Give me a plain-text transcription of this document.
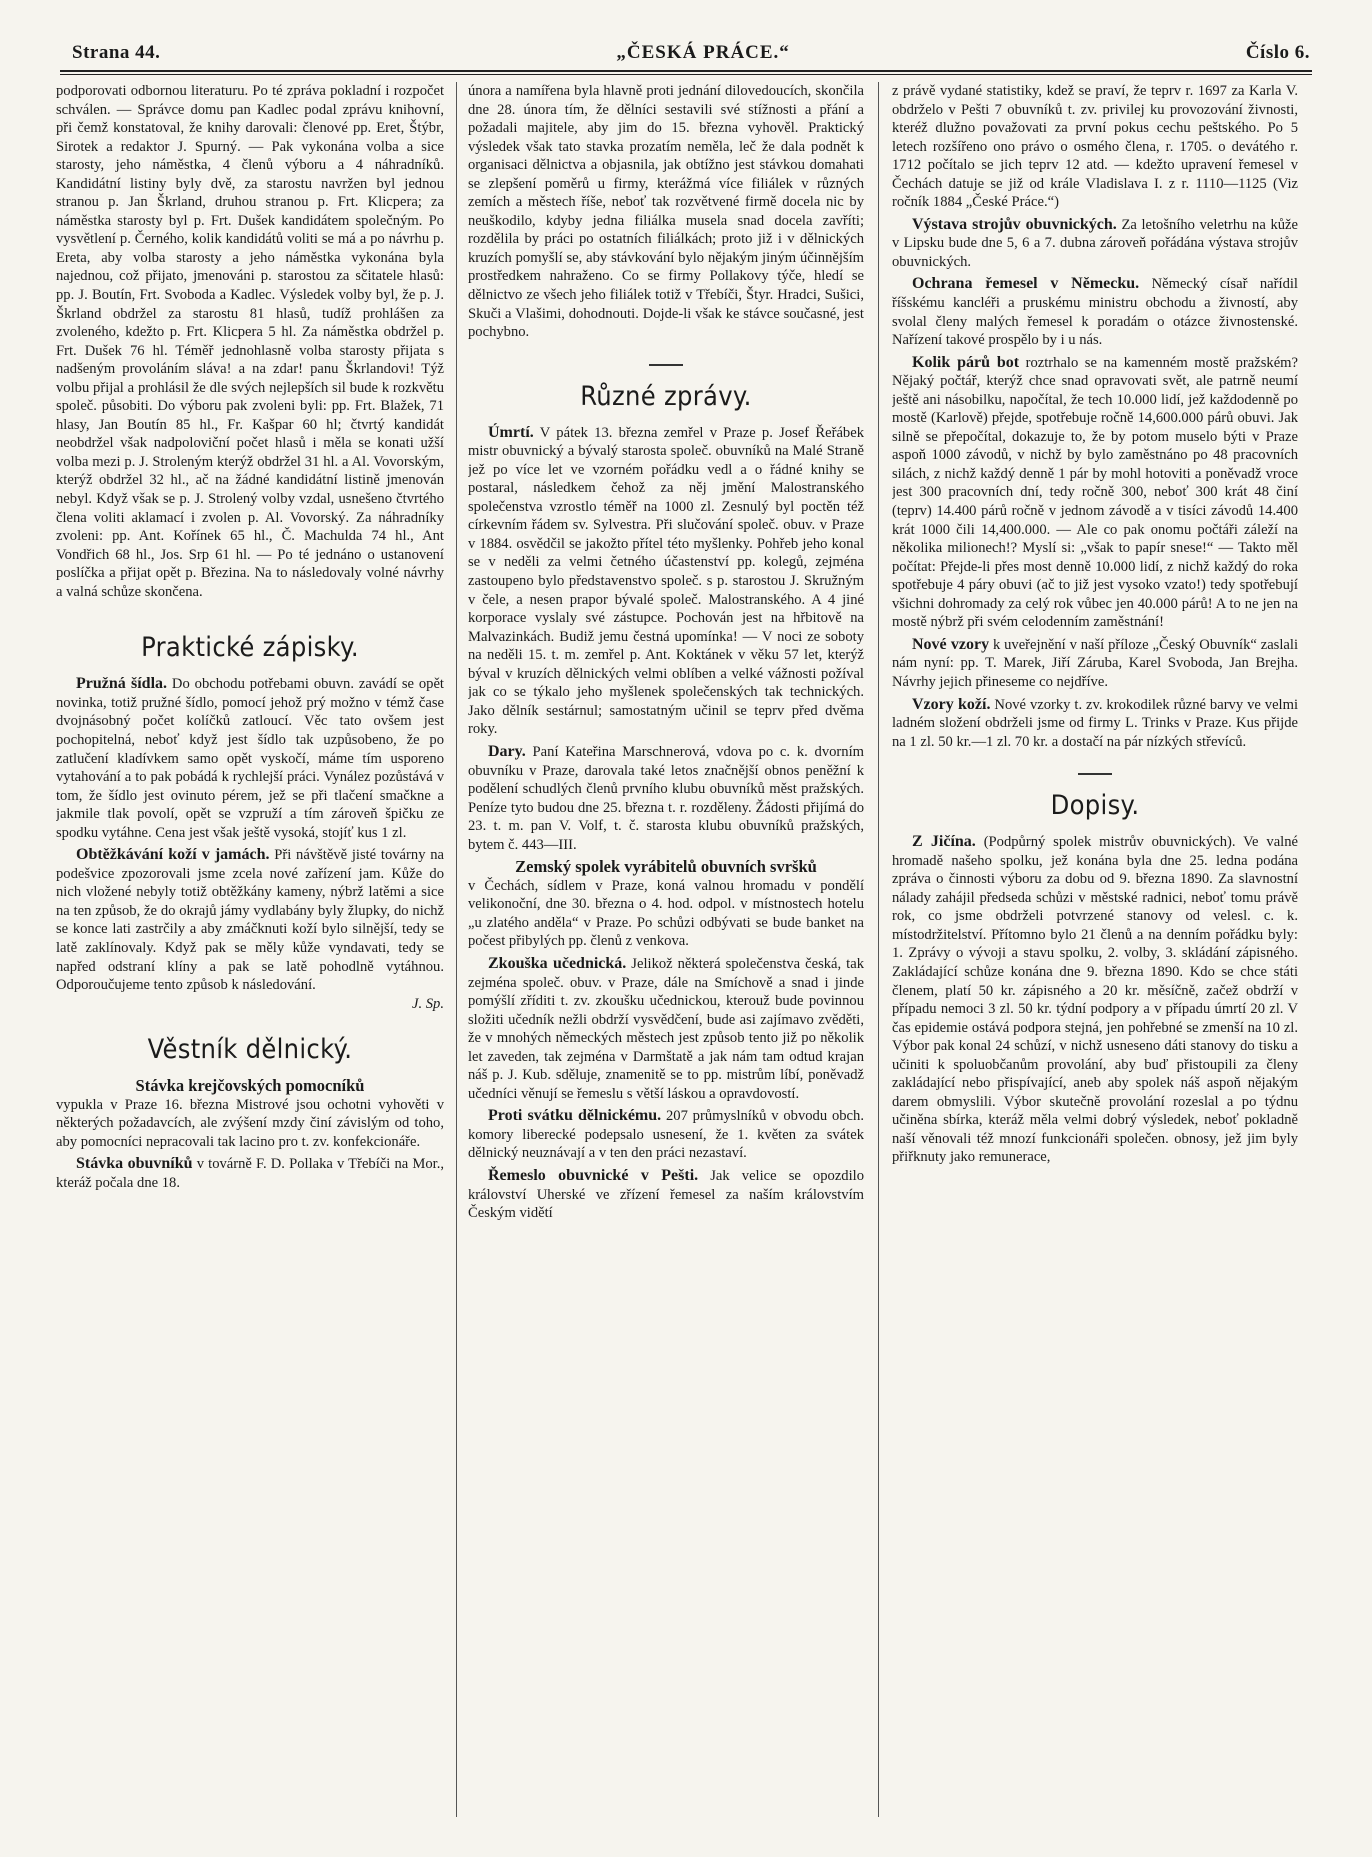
Strana 44.	„ČESKÁ PRÁCE.“	Číslo 6.

podporovati odbornou literaturu. Po té zpráva pokladní i rozpočet schválen. — Správce domu pan Kadlec podal zprávu knihovní, při čemž konstatoval, že knihy darovali: členové pp. Eret, Štýbr, Sirotek a redaktor J. Spurný. — Pak vykonána volba a sice starosty, jeho náměstka, 4 členů výboru a 4 náhradníků. Kandidátní listiny byly dvě, za starostu navržen byl jednou stranou p. Jan Škrland, druhou stranou p. Frt. Klicpera; za náměstka starosty byl p. Frt. Dušek kandidátem společným. Po vysvětlení p. Černého, kolik kandidátů voliti se má a po návrhu p. Ereta, aby volba starosty a jeho náměstka vykonána byla najednou, což přijato, jmenováni p. starostou za sčitatele hlasů: pp. J. Boutín, Frt. Svoboda a Kadlec. Výsledek volby byl, že p. J. Škrland obdržel za starostu 81 hlasů, tudíž prohlášen za zvoleného, kdežto p. Frt. Klicpera 5 hl. Za náměstka obdržel p. Frt. Dušek 76 hl. Téměř jednohlasně volba starosty přijata s nadšeným provoláním sláva! a na zdar! panu Škrlandovi! Týž volbu přijal a prohlásil že dle svých nejlepších sil bude k rozkvětu společ. působiti. Do výboru pak zvoleni byli: pp. Frt. Blažek, 71 hlasy, Jan Boutín 85 hl., Fr. Kašpar 60 hl; čtvrtý kandidát neobdržel však nadpoloviční počet hlasů i měla se konati užší volba mezi p. J. Stroleným kterýž obdržel 31 hl. a Al. Vovorským, kterýž obdržel 32 hl., ač na žádné kandidátní listině jmenován nebyl. Když však se p. J. Strolený volby vzdal, usnešeno čtvrtého člena voliti aklamací i zvolen p. Al. Vovorský. Za náhradníky zvoleni: pp. Ant. Kořínek 65 hl., Č. Machulda 74 hl., Ant Vondřich 68 hl., Jos. Srp 61 hl. — Po té jednáno o ustanovení poslíčka a přijat opět p. Březina. Na to následovaly volné návrhy a valná schůze skončena.

Praktické zápisky.

Pružná šídla. Do obchodu potřebami obuvn. zavádí se opět novinka, totiž pružné šídlo, pomocí jehož prý možno v témž čase dvojnásobný počet kolíčků zatloucí. Věc tato ovšem jest pochopitelná, neboť když jest šídlo tak uzpůsobeno, že po zatlučení kladívkem samo opět vyskočí, máme tím usporeno vytahování a to pak pobádá k rychlejší práci. Vynález pozůstává v tom, že šídlo jest ovinuto pérem, jež se při tlačení smačkne a jakmile tlak povolí, opět se vzpruží a tím zároveň špičku ze spodku vytáhne. Cena jest však ještě vysoká, stojíť kus 1 zl.

Obtěžkávání koží v jamách. Při návštěvě jisté továrny na podešvice zpozorovali jsme zcela nové zařízení jam. Kůže do nich vložené nebyly totiž obtěžkány kameny, nýbrž latěmi a sice na ten způsob, že do okrajů jámy vydlabány byly žlupky, do nichž se konce lati zastrčily a aby zmáčknuti koží bylo silnější, tedy se latě zaklínovaly. Když pak se měly kůže vyndavati, tedy se napřed odstraní klíny a pak se latě pohodlně vytáhnou. Odporoučujeme tento způsob k následování.

J. Sp.
Věstník dělnický.
Stávka krejčovských pomocníků

vypukla v Praze 16. března Mistrové jsou ochotni vyhověti v některých požadavcích, ale zvýšení mzdy činí závislým od toho, aby pomocníci nepracovali tak lacino pro t. zv. konfekcionáře.

Stávka obuvníků v továrně F. D. Pollaka v Třebíči na Mor., kteráž počala dne 18.

února a namířena byla hlavně proti jednání dilovedoucích, skončila dne 28. února tím, že dělníci sestavili své stížnosti a přání a požadali majitele, aby jim do 15. března vyhověl. Praktický výsledek však tato stavka prozatím neměla, leč že dala podnět k organisaci dělnictva a objasnila, jak obtížno jest stávkou domahati se zlepšení poměrů u firmy, kterážmá více filiálek v různých zemích a městech říše, neboť tak rozvětvené firmě docela nic by neuškodilo, kdyby jedna filiálka musela snad docela zavříti; rozdělila by práci po ostatních filiálkách; proto již i v dělnických kruzích pomyšlí se, aby stávkování bylo nějakým jiným účinnějším prostředkem nahraženo. Co se firmy Pollakovy týče, hledí se dělnictvo ze všech jeho filiálek totiž v Třebíči, Štyr. Hradci, Sušici, Skuči a Vlašimi, dohodnouti. Dojde-li však ke stávce současné, jest pochybno.

Různé zprávy.

Úmrtí. V pátek 13. března zemřel v Praze p. Josef Řeřábek mistr obuvnický a bývalý starosta společ. obuvníků na Malé Straně jež po více let ve vzorném pořádku vedl a o řádné knihy se postaral, následkem čehož za něj jmění Malostranského společenstva vzrostlo téměř na 1000 zl. Zesnulý byl poctěn též církevním řádem sv. Sylvestra. Při slučování společ. obuv. v Praze v 1884. osvědčil se jakožto přítel této myšlenky. Pohřeb jeho konal se v neděli za velmi četného účastenství pp. kolegů, zejména zastoupeno bylo představenstvo společ. s p. starostou J. Skružným v čele, a nesen prapor bývalé společ. Malostranského. A 4 jiné korporace vyslaly své zástupce. Pochován jest na hřbitově na Malvazinkách. Budiž jemu čestná upomínka! — V noci ze soboty na neděli 15. t. m. zemřel p. Ant. Koktánek v věku 57 let, kterýž býval v kruzích dělnických velmi oblíben a velké vážnosti požíval jak co se týkalo jeho myšlenek společenských tak technických. Jako dělník sestárnul; samostatným učinil se teprv před dvěma roky.

Dary. Paní Kateřina Marschnerová, vdova po c. k. dvorním obuvníku v Praze, darovala také letos značnější obnos peněžní k podělení schudlých členů prvního klubu obuvníků měst pražských. Peníze tyto budou dne 25. března t. r. rozděleny. Žádosti přijímá do 23. t. m. pan V. Volf, t. č. starosta klubu obuvníků pražských, bytem č. 443—III.

Zemský spolek vyrábitelů obuvních svršků

v Čechách, sídlem v Praze, koná valnou hromadu v pondělí velikonoční, dne 30. března o 4. hod. odpol. v místnostech hotelu „u zlatého anděla“ v Praze. Po schůzi odbývati se bude banket na počest přibylých pp. členů z venkova.

Zkouška učednická. Jelikož některá společenstva česká, tak zejména společ. obuv. v Praze, dále na Smíchově a snad i jinde pomýšlí zříditi t. zv. zkoušku učednickou, kterouž bude povinnou složiti učedník nežli obdrží vysvědčení, bude asi zajímavo zvěděti, že v mnohých německých městech jest způsob tento již po několik let zaveden, tak zejména v Darmštatě a jak nám tam odtud krajan náš p. J. Kub. sděluje, znamenitě se to pp. mistrům líbí, poněvadž učedníci věnují se řemeslu s větší láskou a opravdovostí.

Proti svátku dělnickému. 207 průmyslníků v obvodu obch. komory liberecké podepsalo usnesení, že 1. květen za svátek dělnický neuznávají a v ten den práci nezastaví.

Řemeslo obuvnické v Pešti. Jak velice se opozdilo království Uherské ve zřízení řemesel za naším královstvím Českým vidětí

z právě vydané statistiky, kdež se praví, že teprv r. 1697 za Karla V. obdrželo v Pešti 7 obuvníků t. zv. privilej ku provozování živnosti, kteréž dlužno považovati za první pokus cechu peštského. Po 5 letech rozšířeno ono právo o osmého člena, r. 1705. o devátého r. 1712 počítalo se jich teprv 12 atd. — kdežto upravení řemesel v Čechách datuje se již od krále Vladislava I. z r. 1110—1125 (Viz ročník 1884 „České Práce.“)

Výstava strojův obuvnických. Za letošního veletrhu na kůže v Lipsku bude dne 5, 6 a 7. dubna zároveň pořádána výstava strojův obuvnických.

Ochrana řemesel v Německu. Německý císař nařídil říšskému kancléři a pruskému ministru obchodu a živností, aby svolal členy malých řemesel k poradám o otázce živnostenské. Nařízení takové prospělo by i u nás.

Kolik párů bot roztrhalo se na kamenném mostě pražském? Nějaký počtář, kterýž chce snad opravovati svět, ale patrně neumí ještě ani násobilku, napočítal, že tech 10.000 lidí, jež každodenně po mostě (Karlově) přejde, spotřebuje ročně 14,600.000 párů obuvi. Jak silně se přepočítal, dokazuje to, že by potom muselo býti v Praze aspoň 1000 závodů, v nichž by bylo zaměstnáno po 48 pracovních silách, z nichž každý denně 1 pár by mohl hotoviti a poněvadž vroce jest 300 pracovních dní, tedy ročně 300, neboť 300 krát 48 činí (teprv) 14.400 párů ročně v jednom závodě a v tisíci závodů 14.400 krát 1000 čili 14,400.000. — Ale co pak onomu počtáři záleží na několika milionech!? Myslí si: „však to papír snese!“ — Takto měl počítat: Přejde-li přes most denně 10.000 lidí, z nichž každý do roka spotřebuje 4 páry obuvi (ač to již jest vysoko vzato!) tedy spotřebují všichni dohromady za celý rok vůbec jen 40.000 párů! A to ne jen na mostě nýbrž při svém celodenním zaměstnání!

Nové vzory k uveřejnění v naší příloze „Český Obuvník“ zaslali nám nyní: pp. T. Marek, Jiří Záruba, Karel Svoboda, Jan Brejha. Návrhy jejich přineseme co nejdříve.

Vzory koží. Nové vzorky t. zv. krokodilek různé barvy ve velmi ladném složení obdrželi jsme od firmy L. Trinks v Praze. Kus přijde na 1 zl. 50 kr.—1 zl. 70 kr. a dostačí na pár nízkých střevíců.

Dopisy.

Z Jičína. (Podpůrný spolek mistrův obuvnických). Ve valné hromadě našeho spolku, jež konána byla dne 25. ledna podána zpráva o činnosti výboru za dobu od 9. března 1890. Za slavnostní nálady zahájil předseda schůzi v městské radnici, neboť tomu právě rok, co jsme obdrželi potvrzené stanovy od velesl. c. k. místodržitelství. Přítomno bylo 21 členů a na denním pořádku byly: 1. Zprávy o vývoji a stavu spolku, 2. volby, 3. skládání zápisného. Zakládající schůze konána dne 9. března 1890. Kdo se chce státi členem, platí 50 kr. zápisného a 20 kr. měsíčně, začež obdrží v případu nemoci 3 zl. 50 kr. týdní podpory a v případu úmrtí 20 zl. V čas epidemie ostává podpora stejná, jen pohřebné se zmenší na 10 zl. Výbor pak konal 24 schůzí, v nichž usneseno dáti stanovy do tisku a učiniti k spoluobčanům provolání, aby buď přistoupili za členy zakládající nebo přispívající, aneb aby spolek náš aspoň nějakým darem obmyslili. Výbor skutečně provolání rozeslal a po týdnu učiněna sbírka, kteráž měla velmi dobrý výsledek, neboť pokladně naší věnovali též mnozí funkcionáři společen. obnosy, jež jim byly přiřknuty jako remunerace,
